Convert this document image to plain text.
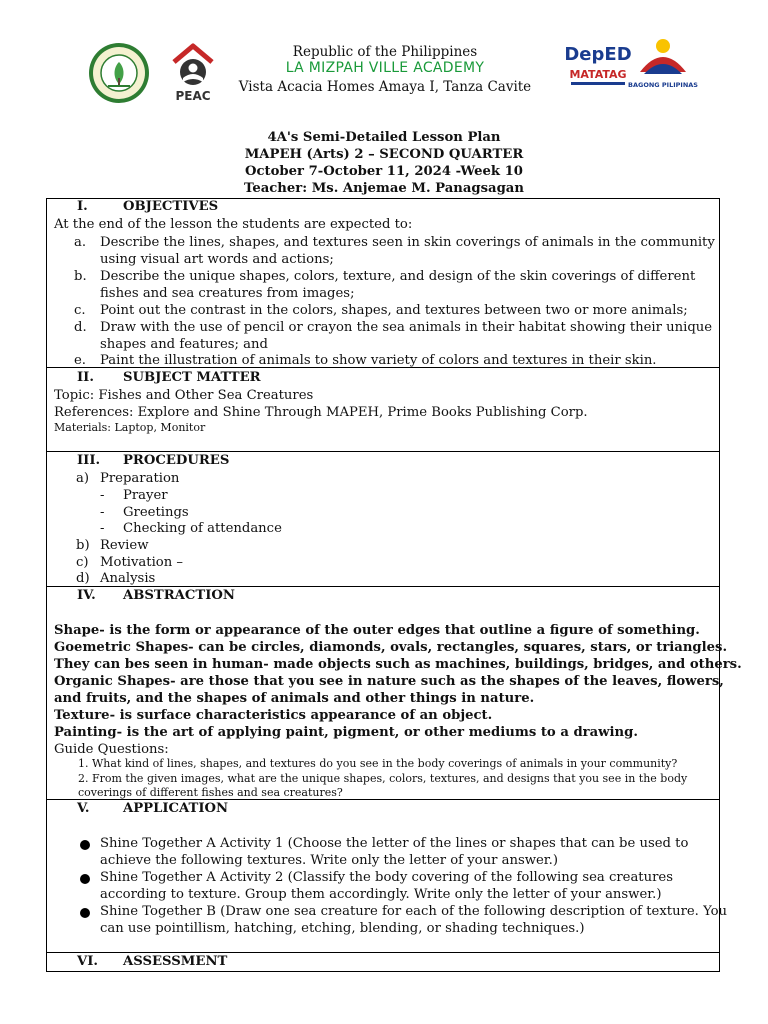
PEAC
Republic of the Philippines
LA MIZPAH VILLE ACADEMY
Vista Acacia Homes Amaya I, Tanza Cavite
DepED
MATATAG
BAGONG PILIPINAS
4A's Semi-Detailed Lesson Plan
MAPEH (Arts) 2 – SECOND QUARTER
October 7-October 11, 2024 -Week 10
Teacher: Ms. Anjemae M. Panagsagan
I.	OBJECTIVES
At the end of the lesson the students are expected to:
a. Describe the lines, shapes, and textures seen in skin coverings of animals in the community
using visual art words and actions;
b. Describe the unique shapes, colors, texture, and design of the skin coverings of different
fishes and sea creatures from images;
c. Point out the contrast in the colors, shapes, and textures between two or more animals;
d. Draw with the use of pencil or crayon the sea animals in their habitat showing their unique
shapes and features; and
e. Paint the illustration of animals to show variety of colors and textures in their skin.
II. SUBJECT MATTER
Topic: Fishes and Other Sea Creatures
References: Explore and Shine Through MAPEH, Prime Books Publishing Corp.
Materials: Laptop, Monitor
III. PROCEDURES
a) Preparation
- Prayer
- Greetings
- Checking of attendance
b) Review
c) Motivation –
d) Analysis
IV. ABSTRACTION
Shape- is the form or appearance of the outer edges that outline a figure of something.
Goemetric Shapes- can be circles, diamonds, ovals, rectangles, squares, stars, or triangles.
They can bes seen in human- made objects such as machines, buildings, bridges, and others.
Organic Shapes- are those that you see in nature such as the shapes of the leaves, flowers,
and fruits, and the shapes of animals and other things in nature.
Texture- is surface characteristics appearance of an object.
Painting- is the art of applying paint, pigment, or other mediums to a drawing.
Guide Questions:
1. What kind of lines, shapes, and textures do you see in the body coverings of animals in your community?
2. From the given images, what are the unique shapes, colors, textures, and designs that you see in the body
coverings of different fishes and sea creatures?
V.	APPLICATION
Shine Together A Activity 1 (Choose the letter of the lines or shapes that can be used to
achieve the following textures. Write only the letter of your answer.)
Shine Together A Activity 2 (Classify the body covering of the following sea creatures
according to texture. Group them accordingly. Write only the letter of your answer.)
Shine Together B (Draw one sea creature for each of the following description of texture. You
can use pointillism, hatching, etching, blending, or shading techniques.)
VI. ASSESSMENT
